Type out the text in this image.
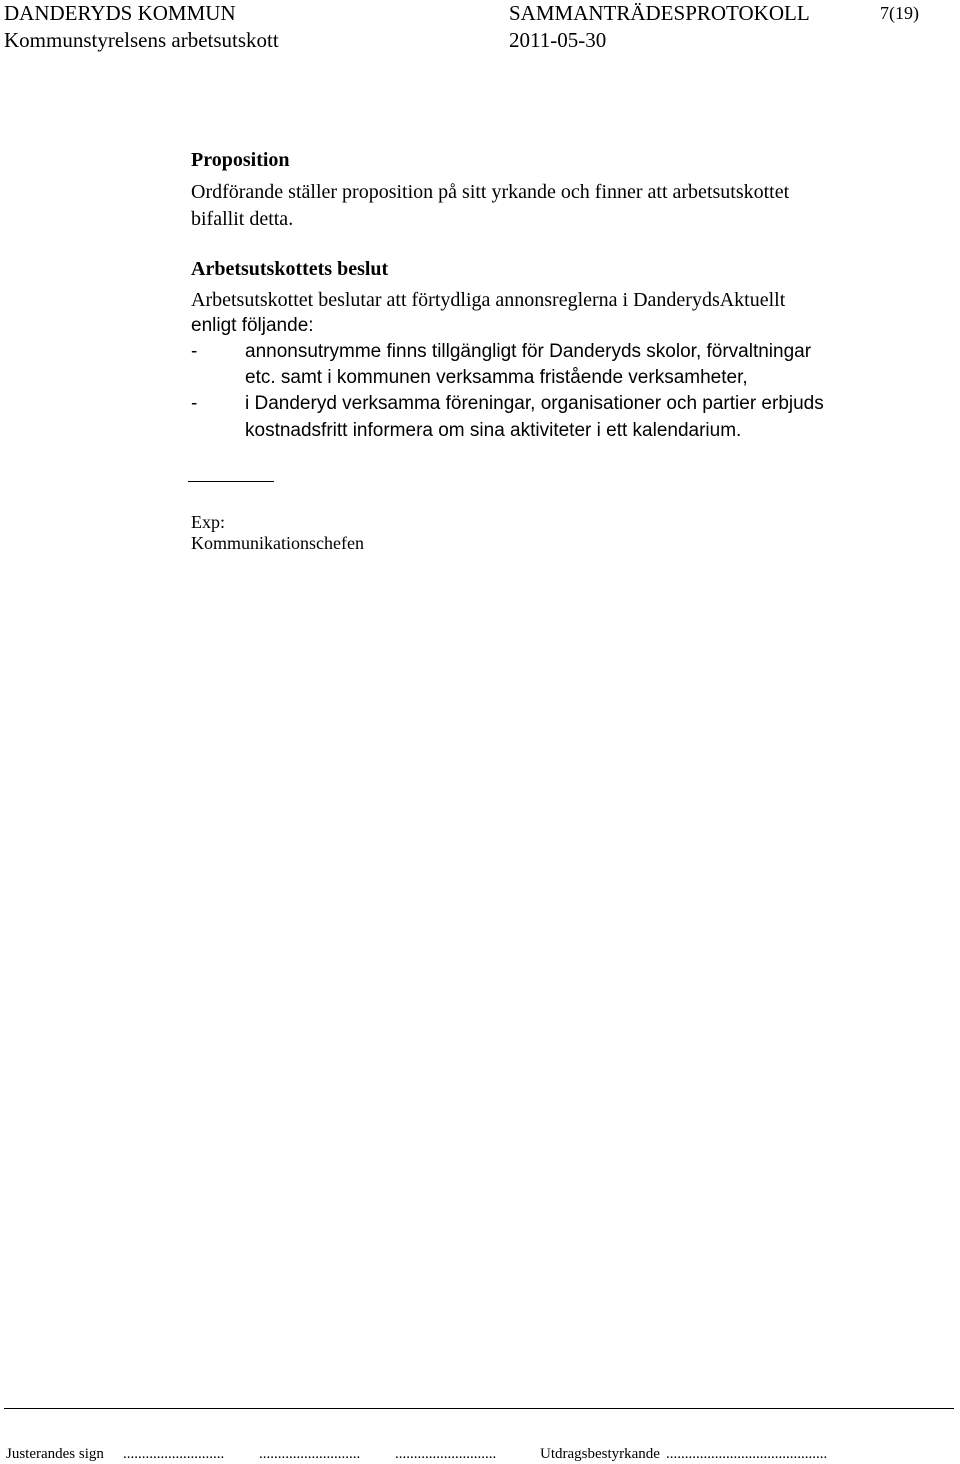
DANDERYDS KOMMUN
Kommunstyrelsens arbetsutskott
SAMMANTRÄDESPROTOKOLL
2011-05-30
7(19)
Proposition
Ordförande ställer proposition på sitt yrkande och finner att arbetsutskottet
bifallit detta.
Arbetsutskottets beslut
Arbetsutskottet beslutar att förtydliga annonsreglerna i DanderydsAktuellt
enligt följande:
-	annonsutrymme finns tillgängligt för Danderyds skolor, förvaltningar
etc. samt i kommunen verksamma fristående verksamheter,
-	i Danderyd verksamma föreningar, organisationer och partier erbjuds
kostnadsfritt informera om sina aktiviteter i ett kalendarium.
Exp:
Kommunikationschefen
Justerandes sign ........................... ........................... ...........................	Utdragsbestyrkande ...........................................
